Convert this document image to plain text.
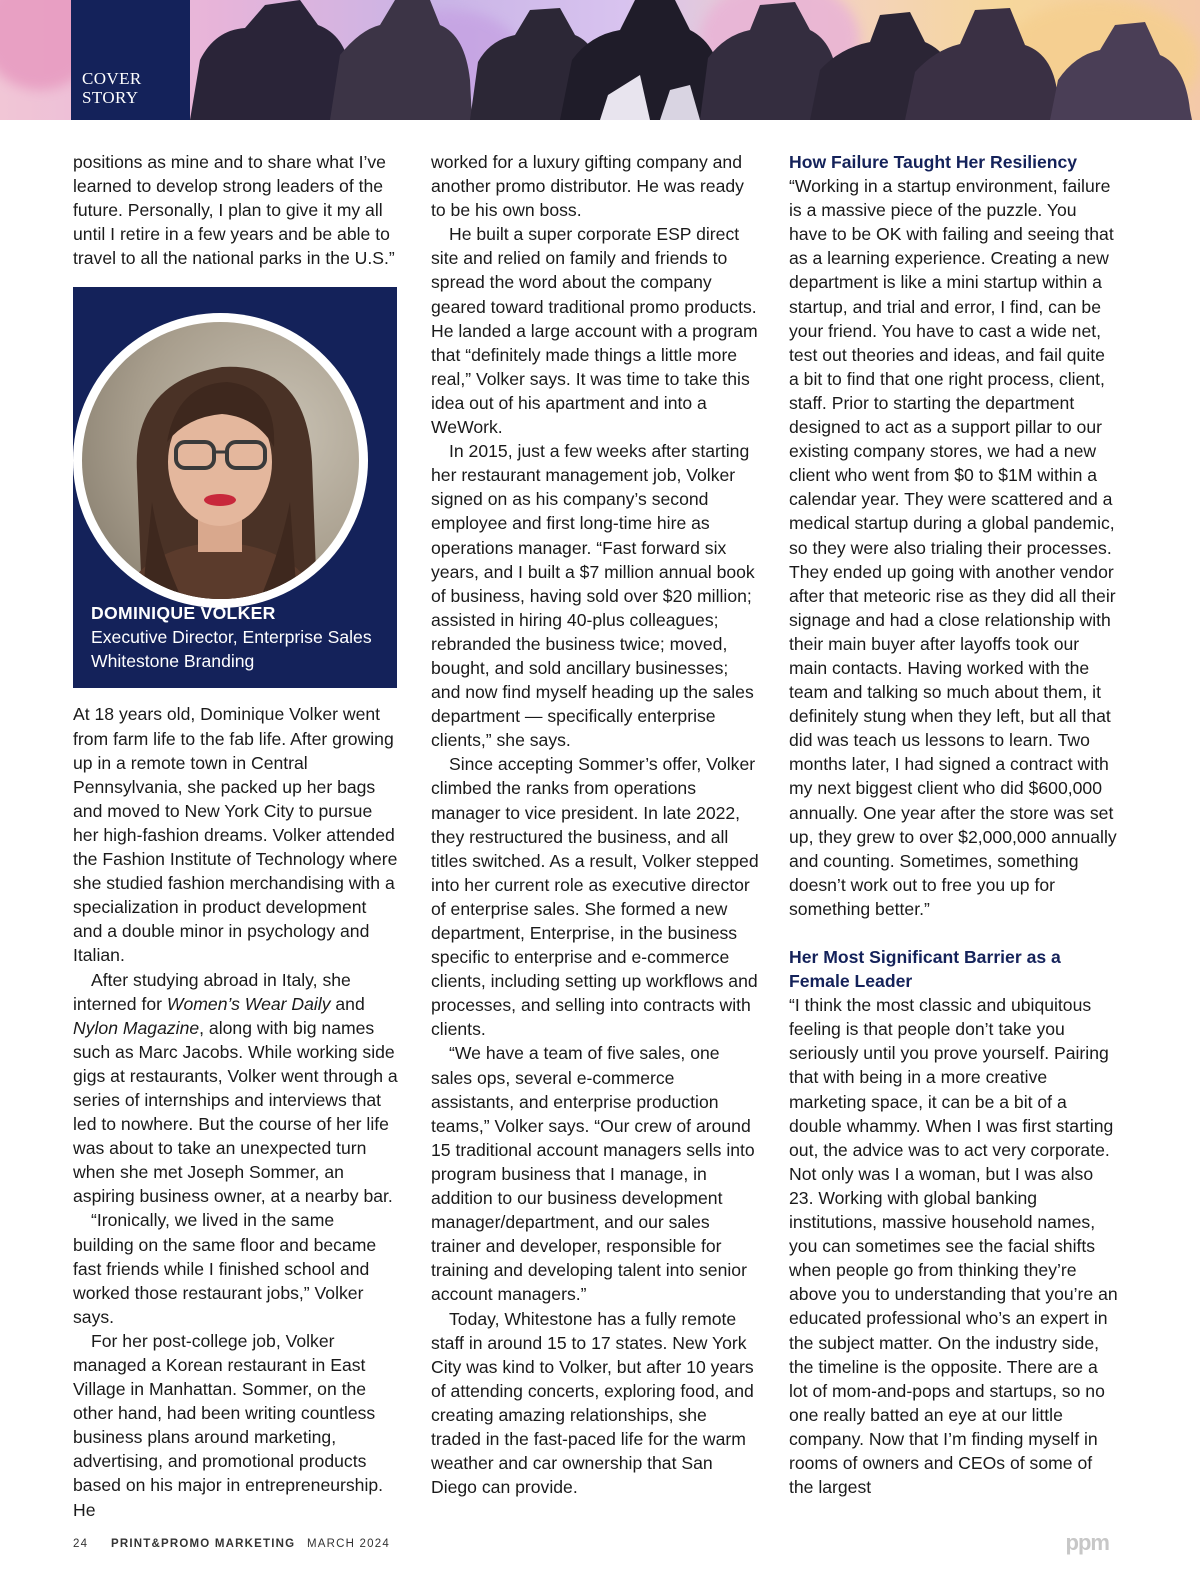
COVER
STORY

positions as mine and to share what I’ve learned to develop strong leaders of the future. Personally, I plan to give it my all until I retire in a few years and be able to travel to all the national parks in the U.S.”

DOMINIQUE VOLKER
Executive Director, Enterprise Sales
Whitestone Branding

At 18 years old, Dominique Volker went from farm life to the fab life. After growing up in a remote town in Central Pennsylvania, she packed up her bags and moved to New York City to pursue her high-fashion dreams. Volker attended the Fashion Institute of Technology where she studied fashion merchandising with a specialization in product development and a double minor in psychology and Italian.

After studying abroad in Italy, she interned for Women’s Wear Daily and Nylon Magazine, along with big names such as Marc Jacobs. While working side gigs at restaurants, Volker went through a series of internships and interviews that led to nowhere. But the course of her life was about to take an unexpected turn when she met Joseph Sommer, an aspiring business owner, at a nearby bar.

“Ironically, we lived in the same building on the same floor and became fast friends while I finished school and worked those restaurant jobs,” Volker says.

For her post-college job, Volker managed a Korean restaurant in East Village in Manhattan. Sommer, on the other hand, had been writing countless business plans around marketing, advertising, and promotional products based on his major in entrepreneurship. He

worked for a luxury gifting company and another promo distributor. He was ready to be his own boss.

He built a super corporate ESP direct site and relied on family and friends to spread the word about the company geared toward traditional promo products. He landed a large account with a program that “definitely made things a little more real,” Volker says. It was time to take this idea out of his apartment and into a WeWork.

In 2015, just a few weeks after starting her restaurant management job, Volker signed on as his company’s second employee and first long-time hire as operations manager. “Fast forward six years, and I built a $7 million annual book of business, having sold over $20 million; assisted in hiring 40-plus colleagues; rebranded the business twice; moved, bought, and sold ancillary businesses; and now find myself heading up the sales department — specifically enterprise clients,” she says.

Since accepting Sommer’s offer, Volker climbed the ranks from operations manager to vice president. In late 2022, they restructured the business, and all titles switched. As a result, Volker stepped into her current role as executive director of enterprise sales. She formed a new department, Enterprise, in the business specific to enterprise and e-commerce clients, including setting up workflows and processes, and selling into contracts with clients.

“We have a team of five sales, one sales ops, several e-commerce assistants, and enterprise production teams,” Volker says. “Our crew of around 15 traditional account managers sells into program business that I manage, in addition to our business development manager/department, and our sales trainer and developer, responsible for training and developing talent into senior account managers.”

Today, Whitestone has a fully remote staff in around 15 to 17 states. New York City was kind to Volker, but after 10 years of attending concerts, exploring food, and creating amazing relationships, she traded in the fast-paced life for the warm weather and car ownership that San Diego can provide.

How Failure Taught Her Resiliency

“Working in a startup environment, failure is a massive piece of the puzzle. You have to be OK with failing and seeing that as a learning experience. Creating a new department is like a mini startup within a startup, and trial and error, I find, can be your friend. You have to cast a wide net, test out theories and ideas, and fail quite a bit to find that one right process, client, staff. Prior to starting the department designed to act as a support pillar to our existing company stores, we had a new client who went from $0 to $1M within a calendar year. They were scattered and a medical startup during a global pandemic, so they were also trialing their processes. They ended up going with another vendor after that meteoric rise as they did all their signage and had a close relationship with their main buyer after layoffs took our main contacts. Having worked with the team and talking so much about them, it definitely stung when they left, but all that did was teach us lessons to learn. Two months later, I had signed a contract with my next biggest client who did $600,000 annually. One year after the store was set up, they grew to over $2,000,000 annually and counting. Sometimes, something doesn’t work out to free you up for something better.”

Her Most Significant Barrier as a Female Leader

“I think the most classic and ubiquitous feeling is that people don’t take you seriously until you prove yourself. Pairing that with being in a more creative marketing space, it can be a bit of a double whammy. When I was first starting out, the advice was to act very corporate. Not only was I a woman, but I was also 23. Working with global banking institutions, massive household names, you can sometimes see the facial shifts when people go from thinking they’re above you to understanding that you’re an educated professional who’s an expert in the subject matter. On the industry side, the timeline is the opposite. There are a lot of mom-and-pops and startups, so no one really batted an eye at our little company. Now that I’m finding myself in rooms of owners and CEOs of some of the largest

24 PRINT&PROMO MARKETING MARCH 2024	ppm
